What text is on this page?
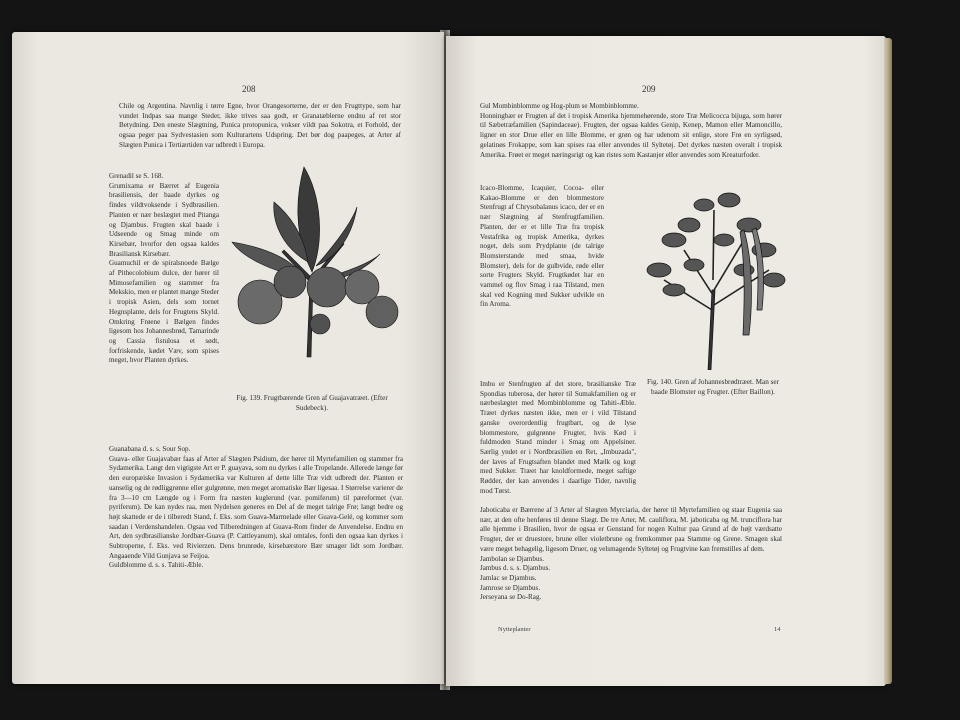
208

Chile og Argentina. Navnlig i tørre Egne, hvor Orangesorterne, der er den Frugttype, som har vundet Indpas saa mange Steder, ikke trives saa godt, er Granatæblerne endnu af ret stor Betydning. Den eneste Slægtning, Punica protopunica, vokser vildt paa Sokotra, et Forhold, der ogsaa peger paa Sydvestasien som Kulturartens Udspring. Det bør dog paapeges, at Arter af Slægten Punica i Tertiærtiden var udbredt i Europa.

Grenadil se S. 168.

Grumixama er Bærret af Eugenia brasiliensis, der baade dyrkes og findes vildtvoksende i Sydbrasilien. Planten er nær beslægtet med Pitanga og Djambus. Frugten skal baade i Udseende og Smag minde om Kirsebær, hvorfor den ogsaa kaldes Brasiliansk Kirsebær.

Guamuchil er de spiralsnoede Bælge af Pithecolobium dulce, der hører til Mimosefamilien og stammer fra Mekskio, men er plantet mange Steder i tropisk Asien, dels som tornet Hegnsplante, dels for Frugtens Skyld. Omkring Frøene i Bælgen findes ligesom hos Johannesbrød, Tamarinde og Cassia fistulosa et sødt, forfriskende, kødet Væv, som spises meget, hvor Planten dyrkes.

Fig. 139. Frugtbærende Gren af Guajavatræet. (Efter Sudebeck).

Guanabana d. s. s. Sour Sop.

Guava- eller Guajavabær faas af Arter af Slægten Psidium, der hører til Myrtefamilien og stammer fra Sydamerika. Langt den vigtigste Art er P. guayava, som nu dyrkes i alle Tropelande. Allerede længe før den europæiske Invasion i Sydamerika var Kulturen af dette lille Træ vidt udbredt der. Planten er uanselig og de rødliggrønne eller gulgrønne, men meget aromatiske Bær ligesaa. I Størrelse varierer de fra 3—10 cm Længde og i Form fra næsten kuglerund (var. pomiferum) til pæreformet (var. pyriferum). De kan nydes raa, men Nydelsen generes en Del af de meget talrige Frø; langt bedre og højt skattede er de i tilberedt Stand, f. Eks. som Guava-Marmelade eller Guava-Gelé, og kommer som saadan i Verdenshandelen. Ogsaa ved Tilberedningen af Guava-Rom finder de Anvendelse. Endnu en Art, den sydbrasilianske Jordbær-Guava (P. Cattleyanum), skal omtales, fordi den ogsaa kan dyrkes i Subtroperne, f. Eks. ved Rivierzen. Dens brunrøde, kirsebærstore Bær smager lidt som Jordbær. Angaaende Vild Gunjava se Feijoa.

Guldblomme d. s. s. Tahiti-Æble.

209

Gul Mombinblomme og Hog-plum se Mombinblomme.

Honningbær er Frugten af det i tropisk Amerika hjemmehørende, store Træ Melicocca bijuga, som hører til Sæbetræfamilien (Sapindaceae). Frugten, der ogsaa kaldes Genip, Kenep, Mamon eller Mamoncillo, ligner en stor Drue eller en lille Blomme, er grøn og har udenom sit enlige, store Frø en syrligsød, gelatinøs Frokappe, som kan spises raa eller anvendes til Syltetøj. Det dyrkes næsten overalt i tropisk Amerika. Frøet er meget næringsrigt og kan ristes som Kastanjer eller anvendes som Kreaturfoder.

Icaco-Blomme, Icaquier, Cocoa- eller Kakao-Blomme er den blommestore Stenfrugt af Chrysobalanus icaco, der er en nær Slægtning af Stenfrugtfamilien. Planten, der er et lille Træ fra tropisk Vestafrika og tropisk Amerika, dyrkes noget, dels som Prydplante (de talrige Blomsterstande med smaa, hvide Blomster), dels for de gulbvide, røde eller sorte Frugters Skyld. Frugtkødet har en vammel og flov Smag i raa Tilstand, men skal ved Kogning med Sukker udvikle en fin Aroma.

Fig. 140. Gren af Johannesbrødtræet. Man ser baade Blomster og Frugter. (Efter Baillon).

Imbu er Stenfrugten af det store, brasilianske Træ Spondias tuberosa, der hører til Sumakfamilien og er nærbeslægtet med Mombinblomme og Tahiti-Æble. Træet dyrkes næsten ikke, men er i vild Tilstand ganske overordentlig frugtbart, og de lyse blommestore, gulgrønne Frugter, hvis Kød i fuldmoden Stand minder i Smag om Appelsiner. Særlig yndet er i Nordbrasilien en Ret, „Imbuzada", der laves af Frugtsaften blandet med Mælk og kogt med Sukker. Træet har knoldformede, meget saftige Rødder, der kan anvendes i daarlige Tider, navnlig mod Tørst.

Jaboticaba er Bærrene af 3 Arter af Slægten Myrciaria, der hører til Myrtefamilien og staar Eugenia saa nær, at den ofte henføres til denne Slægt. De tre Arter, M. cauliflora, M. jaboticaba og M. trunciflora har alle hjemme i Brasilien, hvor de ogsaa er Genstand for nogen Kultur paa Grund af de højt værdsatte Frugter, der er druestore, brune eller violetbrune og fremkommer paa Stamme og Grene. Smagen skal være meget behagelig, ligesom Druer, og velsmagende Syltetøj og Frugtvine kan fremstilles af dem.

Jambolan se Djambus.

Jambus d. s. s. Djambus.

Jamlac se Djambus.

Jamrose se Djambus.

Jerseyana se Do-Rag.

Nytteplanter	14
